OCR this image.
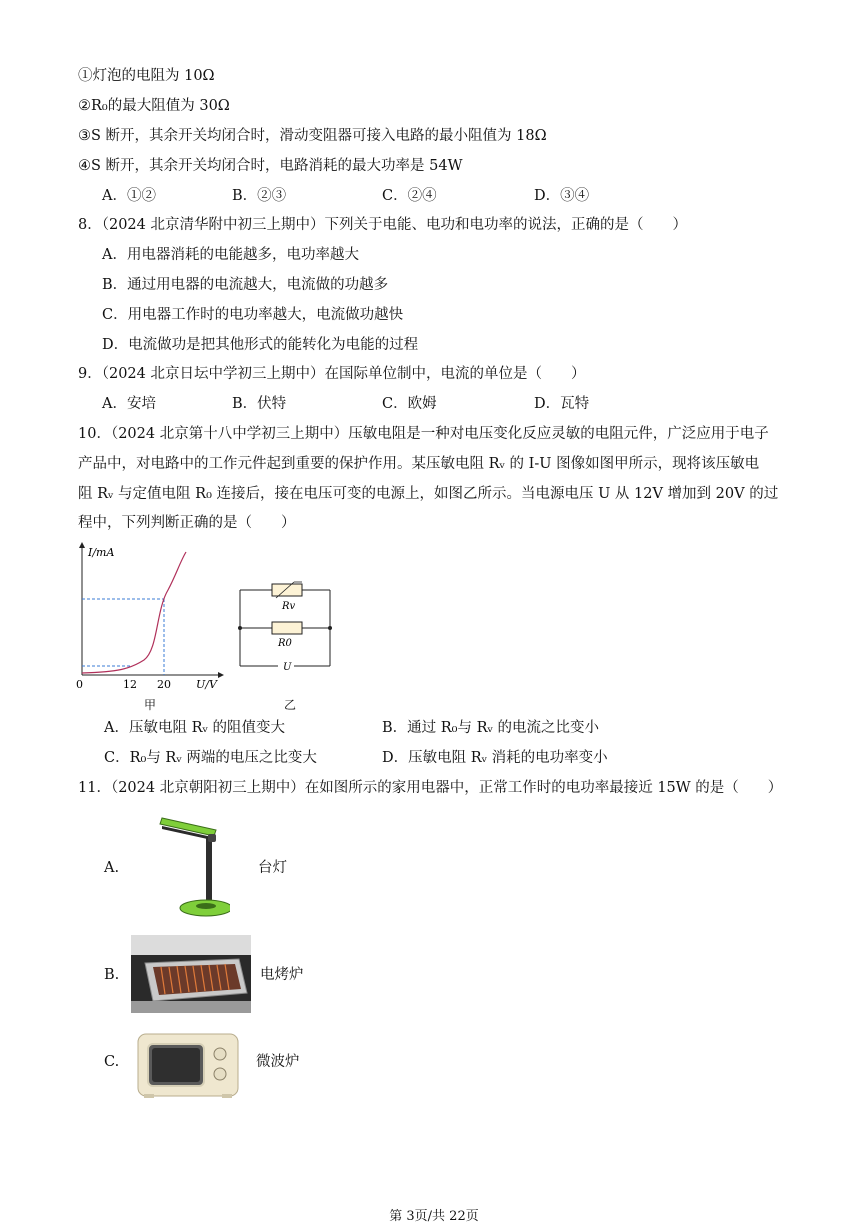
①灯泡的电阻为 10Ω
②R₀的最大阻值为 30Ω
③S 断开，其余开关均闭合时，滑动变阻器可接入电路的最小阻值为 18Ω
④S 断开，其余开关均闭合时，电路消耗的最大功率是 54W
A．①②	B．②③	C．②④	D．③④
8．（2024 北京清华附中初三上期中）下列关于电能、电功和电功率的说法，正确的是（　　）
A．用电器消耗的电能越多，电功率越大
B．通过用电器的电流越大，电流做的功越多
C．用电器工作时的电功率越大，电流做功越快
D．电流做功是把其他形式的能转化为电能的过程
9．（2024 北京日坛中学初三上期中）在国际单位制中，电流的单位是（　　）
A．安培	B．伏特	C．欧姆	D．瓦特
10．（2024 北京第十八中学初三上期中）压敏电阻是一种对电压变化反应灵敏的电阻元件，广泛应用于电子
产品中，对电路中的工作元件起到重要的保护作用。某压敏电阻 Rᵥ 的 I-U 图像如图甲所示，现将该压敏电
阻 Rᵥ 与定值电阻 R₀ 连接后，接在电压可变的电源上，如图乙所示。当电源电压 U 从 12V 增加到 20V 的过
程中，下列判断正确的是（　　）
I/mA
0	12 20 U/V
甲
Rv
R0
U
乙
A．压敏电阻 Rᵥ 的阻值变大	B．通过 R₀与 Rᵥ 的电流之比变小
C．R₀与 Rᵥ 两端的电压之比变大	D．压敏电阻 Rᵥ 消耗的电功率变小
11．（2024 北京朝阳初三上期中）在如图所示的家用电器中，正常工作时的电功率最接近 15W 的是（　　）
A.	台灯
B.	电烤炉
C.	微波炉
第 3页/共 22页
